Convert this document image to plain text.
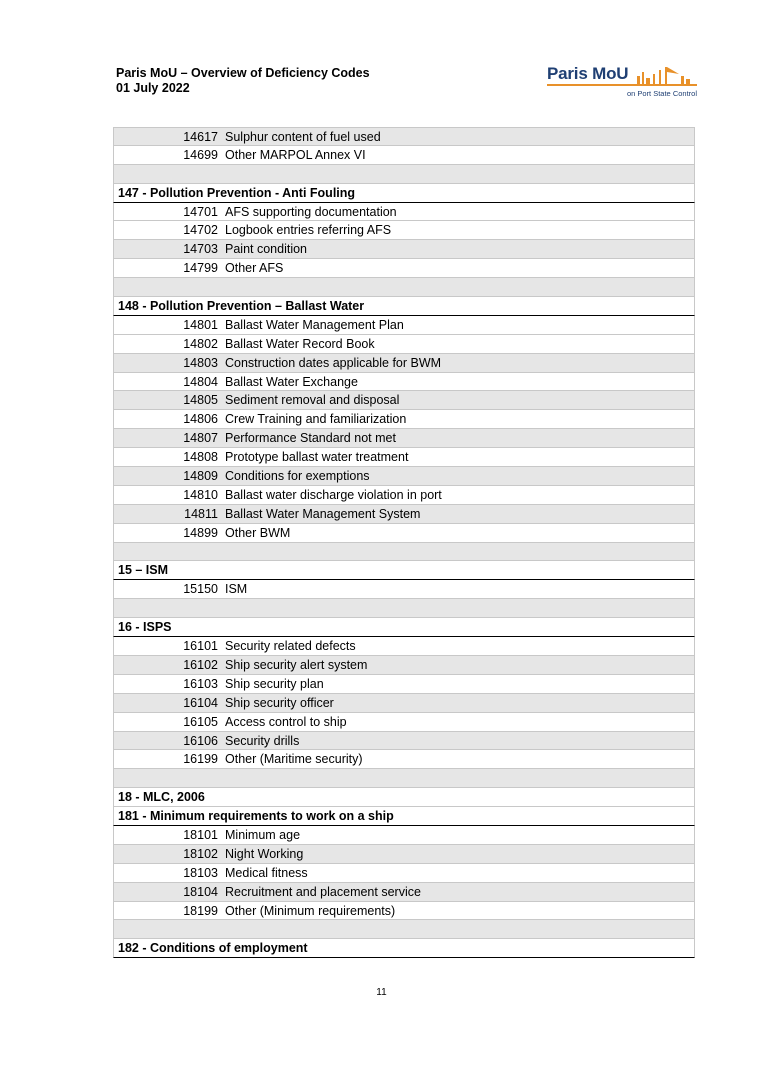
Paris MoU – Overview of Deficiency Codes
01 July 2022
Paris MoU
on Port State Control
14617 Sulphur content of fuel used
14699 Other MARPOL Annex VI
147 - Pollution Prevention - Anti Fouling
14701 AFS supporting documentation
14702 Logbook entries referring AFS
14703 Paint condition
14799 Other AFS
148 - Pollution Prevention – Ballast Water
14801 Ballast Water Management Plan
14802 Ballast Water Record Book
14803 Construction dates applicable for BWM
14804 Ballast Water Exchange
14805 Sediment removal and disposal
14806 Crew Training and familiarization
14807 Performance Standard not met
14808 Prototype ballast water treatment
14809 Conditions for exemptions
14810 Ballast water discharge violation in port
14811 Ballast Water Management System
14899 Other BWM
15 – ISM
15150 ISM
16 - ISPS
16101 Security related defects
16102 Ship security alert system
16103 Ship security plan
16104 Ship security officer
16105 Access control to ship
16106 Security drills
16199 Other (Maritime security)
18 - MLC, 2006
181 - Minimum requirements to work on a ship
18101 Minimum age
18102 Night Working
18103 Medical fitness
18104 Recruitment and placement service
18199 Other (Minimum requirements)
182 - Conditions of employment
11
